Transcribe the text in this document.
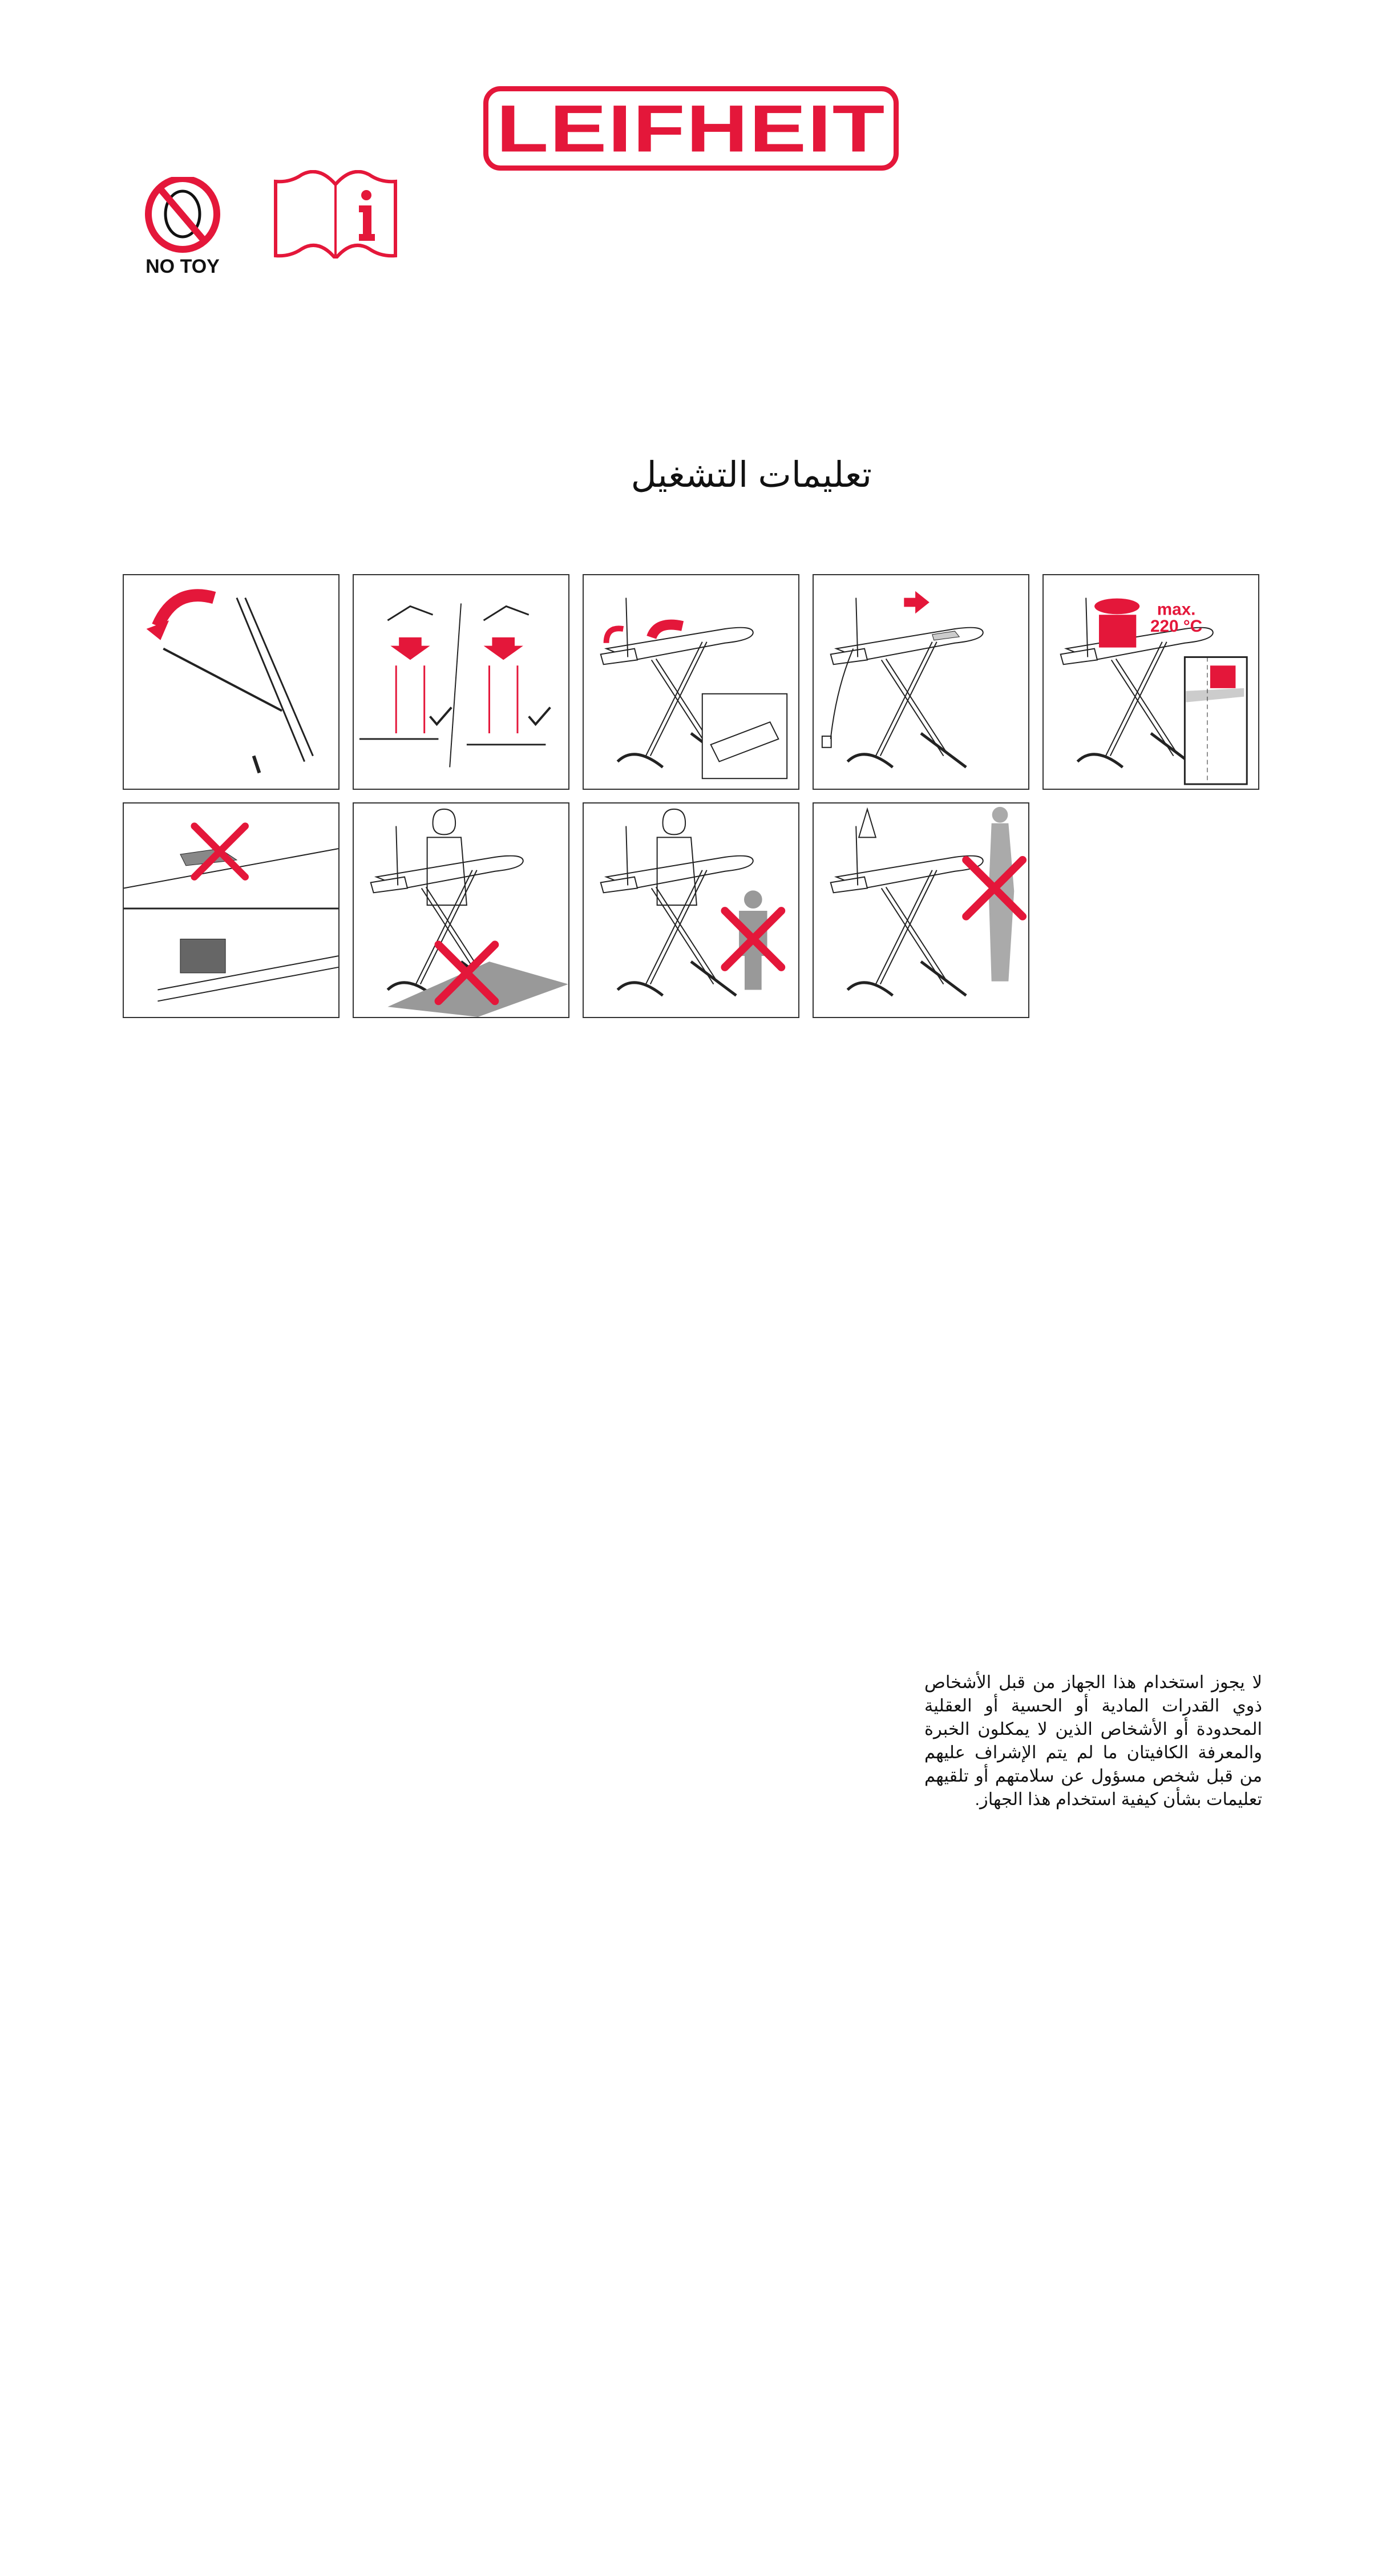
LEIFHEIT
NO TOY
تعليمات التشغيل
max.
220 °C
لا يجوز استخدام هذا الجهاز من قبل الأشخاص ذوي القدرات المادية أو الحسية أو العقلية المحدودة أو الأشخاص الذين لا يمكلون الخبرة والمعرفة الكافيتان ما لم يتم الإشراف عليهم من قبل شخص مسؤول عن سلامتهم أو تلقيهم تعليمات بشأن كيفية استخدام هذا الجهاز.
